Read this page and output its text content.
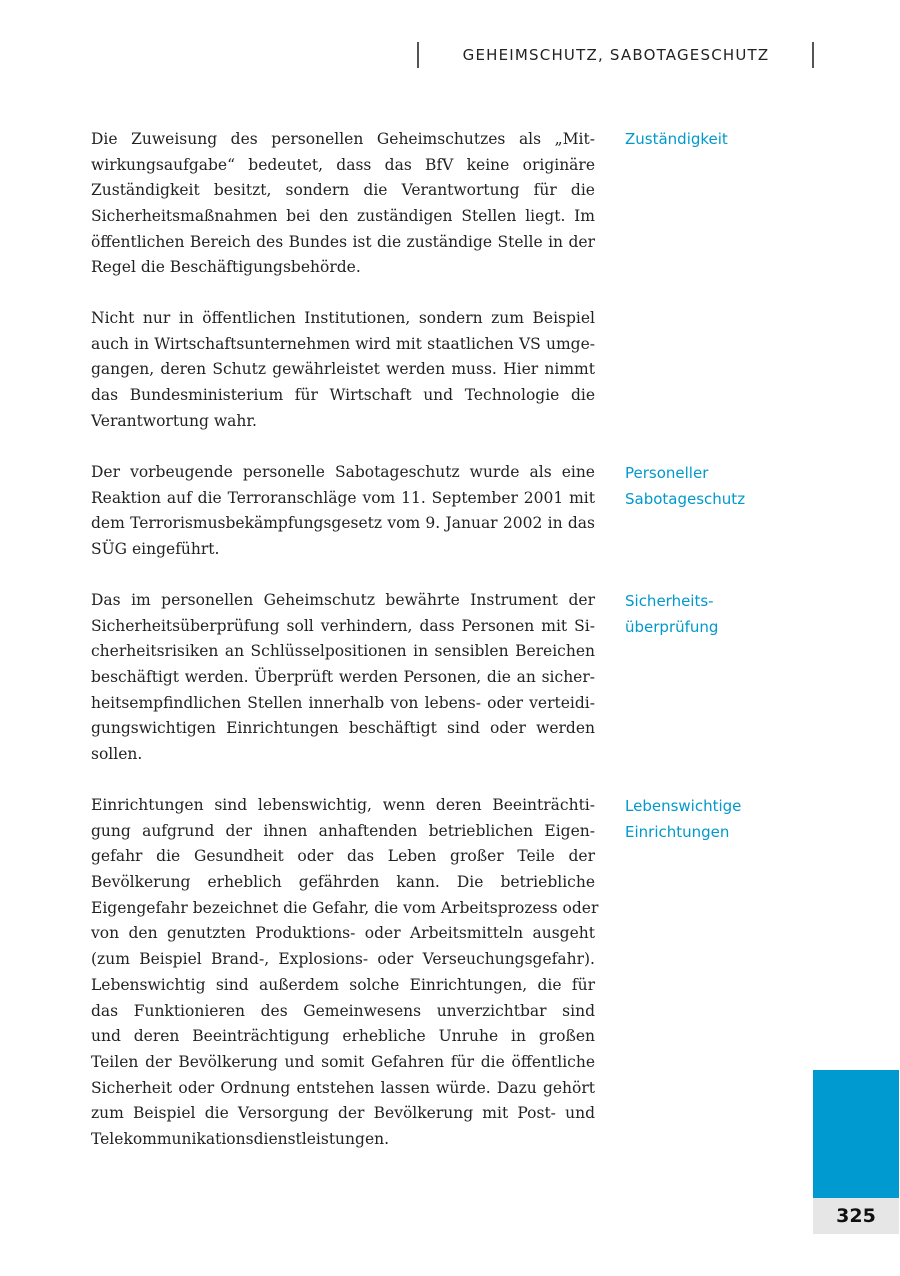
GEHEIMSCHUTZ, SABOTAGESCHUTZ
Die Zuweisung des personellen Geheimschutzes als „Mit-
wirkungsaufgabe“ bedeutet, dass das BfV keine originäre
Zuständigkeit besitzt, sondern die Verantwortung für die
Sicherheitsmaßnahmen bei den zuständigen Stellen liegt. Im
öffentlichen Bereich des Bundes ist die zuständige Stelle in der
Regel die Beschäftigungsbehörde.
Zuständigkeit
Nicht nur in öffentlichen Institutionen, sondern zum Beispiel
auch in Wirtschaftsunternehmen wird mit staatlichen VS umge-
gangen, deren Schutz gewährleistet werden muss. Hier nimmt
das Bundesministerium für Wirtschaft und Technologie die
Verantwortung wahr.
Der vorbeugende personelle Sabotageschutz wurde als eine
Reaktion auf die Terroranschläge vom 11. September 2001 mit
dem Terrorismusbekämpfungsgesetz vom 9. Januar 2002 in das
SÜG eingeführt.
Personeller
Sabotageschutz
Das im personellen Geheimschutz bewährte Instrument der
Sicherheitsüberprüfung soll verhindern, dass Personen mit Si-
cherheitsrisiken an Schlüsselpositionen in sensiblen Bereichen
beschäftigt werden. Überprüft werden Personen, die an sicher-
heitsempfindlichen Stellen innerhalb von lebens- oder verteidi-
gungswichtigen Einrichtungen beschäftigt sind oder werden
sollen.
Sicherheits-
überprüfung
Einrichtungen sind lebenswichtig, wenn deren Beeinträchti-
gung aufgrund der ihnen anhaftenden betrieblichen Eigen-
gefahr die Gesundheit oder das Leben großer Teile der
Bevölkerung erheblich gefährden kann. Die betriebliche
Eigengefahr bezeichnet die Gefahr, die vom Arbeitsprozess oder
von den genutzten Produktions- oder Arbeitsmitteln ausgeht
(zum Beispiel Brand-, Explosions- oder Verseuchungsgefahr).
Lebenswichtig sind außerdem solche Einrichtungen, die für
das Funktionieren des Gemeinwesens unverzichtbar sind
und deren Beeinträchtigung erhebliche Unruhe in großen
Teilen der Bevölkerung und somit Gefahren für die öffentliche
Sicherheit oder Ordnung entstehen lassen würde. Dazu gehört
zum Beispiel die Versorgung der Bevölkerung mit Post- und
Telekommunikationsdienstleistungen.
Lebenswichtige
Einrichtungen
325
